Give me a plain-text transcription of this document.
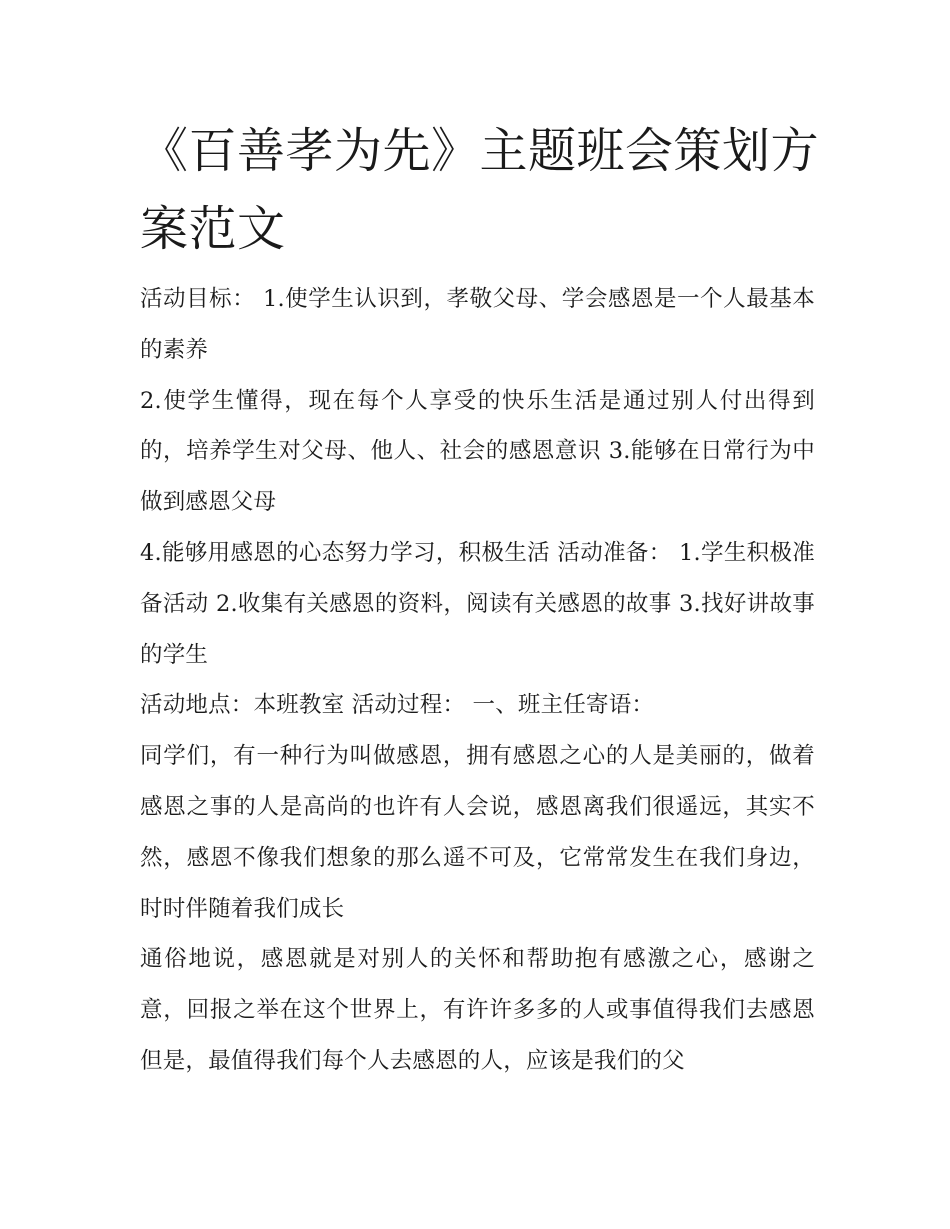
《百善孝为先》主题班会策划方案范文

活动目标： 1.使学生认识到，孝敬父母、学会感恩是一个人最基本的素养

2.使学生懂得，现在每个人享受的快乐生活是通过别人付出得到的，培养学生对父母、他人、社会的感恩意识 3.能够在日常行为中做到感恩父母

4.能够用感恩的心态努力学习，积极生活 活动准备： 1.学生积极准备活动 2.收集有关感恩的资料，阅读有关感恩的故事 3.找好讲故事的学生

活动地点：本班教室 活动过程： 一、班主任寄语：

同学们，有一种行为叫做感恩，拥有感恩之心的人是美丽的，做着感恩之事的人是高尚的也许有人会说，感恩离我们很遥远，其实不然，感恩不像我们想象的那么遥不可及，它常常发生在我们身边，时时伴随着我们成长

通俗地说，感恩就是对别人的关怀和帮助抱有感激之心，感谢之意，回报之举在这个世界上，有许许多多的人或事值得我们去感恩但是，最值得我们每个人去感恩的人，应该是我们的父
